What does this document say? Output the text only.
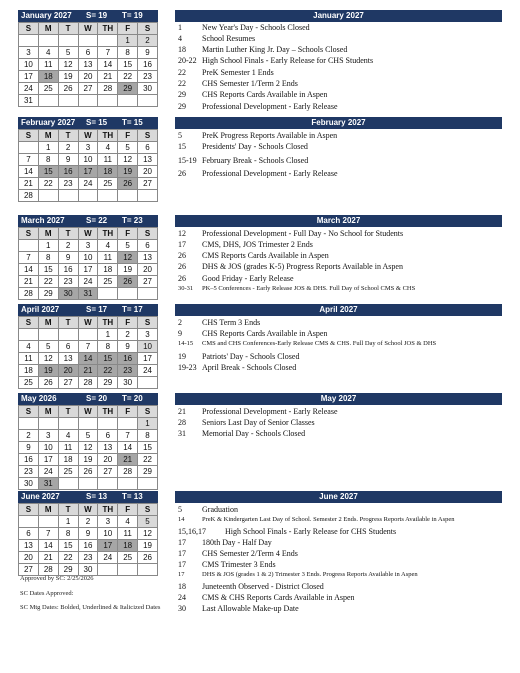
January 2027 S= 19 T= 19
S	M	T	W	TH	F	S
					1	2
3	4	5	6	7	8	9
10	11	12	13	14	15	16
17	18	19	20	21	22	23
24	25	26	27	28	29	30
31						
February 2027 S= 15 T= 15
S	M	T	W	TH	F	S
	1	2	3	4	5	6
7	8	9	10	11	12	13
14	15	16	17	18	19	20
21	22	23	24	25	26	27
28						
March 2027	S= 22 T= 23
S	M	T	W	TH	F	S
	1	2	3	4	5	6
7	8	9	10	11	12	13
14	15	16	17	18	19	20
21	22	23	24	25	26	27
28	29	30	31			
April 2027	S= 17 T= 17
S	M	T	W	TH	F	S
				1	2	3
4	5	6	7	8	9	10
11	12	13	14	15	16	17
18	19	20	21	22	23	24
25	26	27	28	29	30	
May 2026	S= 20 T= 20
S	M	T	W	TH	F	S
						1
2	3	4	5	6	7	8
9	10	11	12	13	14	15
16	17	18	19	20	21	22
23	24	25	26	27	28	29
30	31					
June 2027	S= 13 T= 13
S	M	T	W	TH	F	S
		1	2	3	4	5
6	7	8	9	10	11	12
13	14	15	16	17	18	19
20	21	22	23	24	25	26
27	28	29	30			
January 2027
1	New Year's Day - Schools Closed
4	School Resumes
18 Martin Luther King Jr. Day – Schools Closed
20-22 High School Finals - Early Release for CHS Students
22 PreK Semester 1 Ends
22 CHS Semester 1/Term 2 Ends
29 CHS Reports Cards Available in Aspen
29 Professional Development - Early Release
February 2027
5	PreK Progress Reports Available in Aspen
15 Presidents' Day - Schools Closed
15-19 February Break - Schools Closed
26 Professional Development - Early Release
March 2027
12 Professional Development - Full Day - No School for Students
17 CMS, DHS, JOS Trimester 2 Ends
26 CMS Reports Cards Available in Aspen
26 DHS & JOS (grades K-5) Progress Reports Available in Aspen
26 Good Friday - Early Release
30-31 PK–5 Conferences - Early Release JOS & DHS. Full Day of School CMS & CHS
April 2027
2	CHS Term 3 Ends
9	CHS Reports Cards Available in Aspen
14-15 CMS and CHS Conferences-Early Release CMS & CHS. Full Day of School JOS & DHS
19 Patriots' Day - Schools Closed
19-23 April Break - Schools Closed
May 2027
21 Professional Development - Early Release
28 Seniors Last Day of Senior Classes
31 Memorial Day - Schools Closed
June 2027
5	Graduation
14	PreK & Kindergarten Last Day of School. Semester 2 Ends. Progress Reports Available in Aspen
15,16,17 High School Finals - Early Release for CHS Students
17 180th Day - Half Day
17 CHS Semester 2/Term 4 Ends
17 CMS Trimester 3 Ends
17	DHS & JOS (grades 1 & 2) Trimester 3 Ends. Progress Reports Available in Aspen
18 Juneteenth Observed - District Closed
24 CMS & CHS Reports Cards Available in Aspen
30 Last Allowable Make-up Date
Approved by SC: 2/25/2026
SC Dates Approved:
SC Mtg Dates: Bolded, Underlined & Italicized Dates
